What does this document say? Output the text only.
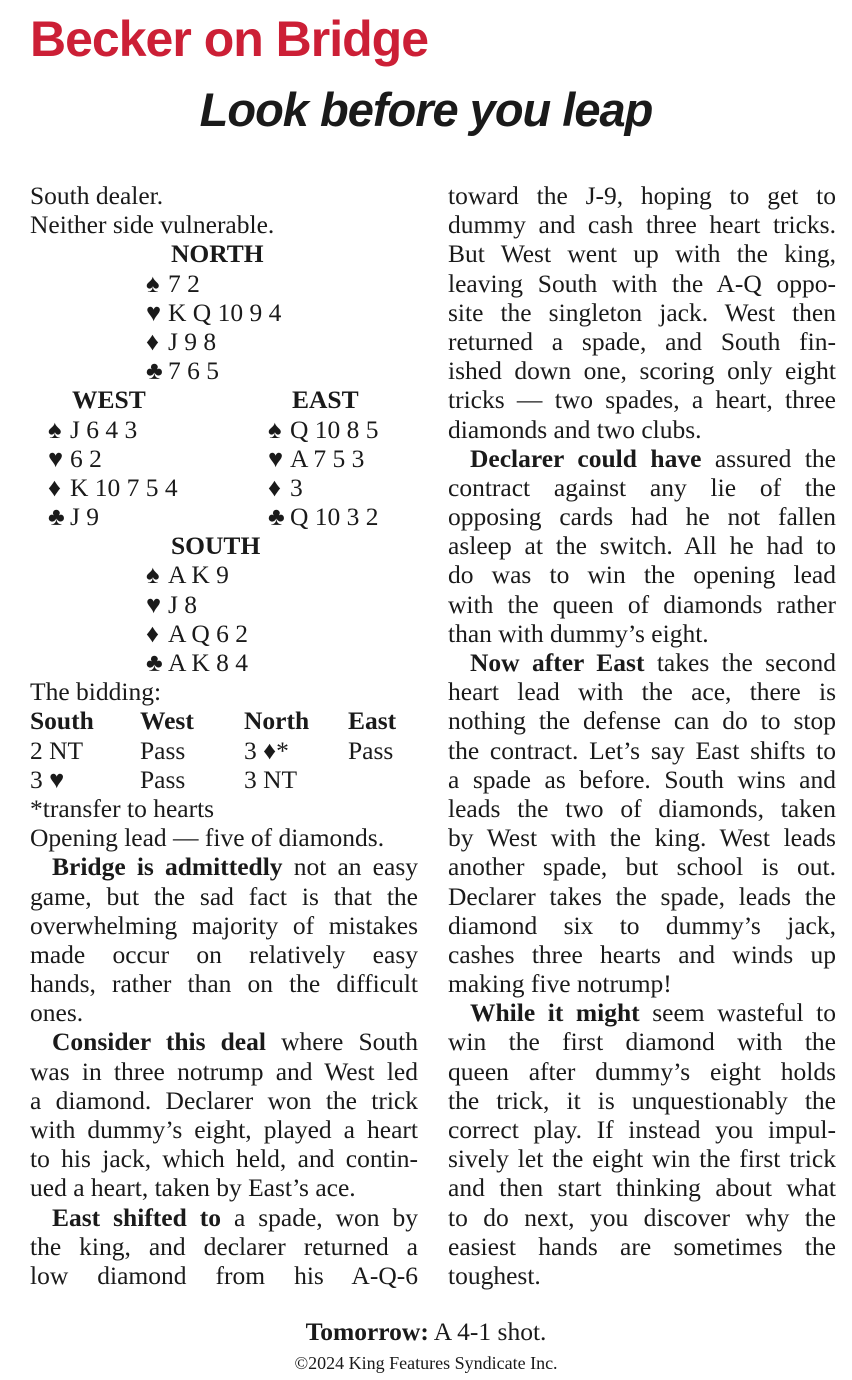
Becker on Bridge
Look before you leap
South dealer.
Neither side vulnerable.
NORTH
♠ 7 2
♥ K Q 10 9 4
♦ J 9 8
♣ 7 6 5
WEST	EAST
♠ J 6 4 3	♠ Q 10 8 5
♥ 6 2	♥ A 7 5 3
♦ K 10 7 5 4	♦ 3
♣ J 9	♣ Q 10 3 2
SOUTH
♠ A K 9
♥ J 8
♦ A Q 6 2
♣ A K 8 4
The bidding:
South	West	North	East
2 NT	Pass	3 ♦*	Pass
3 ♥	Pass	3 NT	
*transfer to hearts
Opening lead — five of diamonds.
Bridge is admittedly not an easy
game, but the sad fact is that the
overwhelming majority of mistakes
made occur on relatively easy
hands, rather than on the difficult
ones.
Consider this deal where South
was in three notrump and West led
a diamond. Declarer won the trick
with dummy’s eight, played a heart
to his jack, which held, and contin-
ued a heart, taken by East’s ace.
East shifted to a spade, won by
the king, and declarer returned a
low diamond from his A-Q-6
toward the J-9, hoping to get to
dummy and cash three heart tricks.
But West went up with the king,
leaving South with the A-Q oppo-
site the singleton jack. West then
returned a spade, and South fin-
ished down one, scoring only eight
tricks — two spades, a heart, three
diamonds and two clubs.
Declarer could have assured the
contract against any lie of the
opposing cards had he not fallen
asleep at the switch. All he had to
do was to win the opening lead
with the queen of diamonds rather
than with dummy’s eight.
Now after East takes the second
heart lead with the ace, there is
nothing the defense can do to stop
the contract. Let’s say East shifts to
a spade as before. South wins and
leads the two of diamonds, taken
by West with the king. West leads
another spade, but school is out.
Declarer takes the spade, leads the
diamond six to dummy’s jack,
cashes three hearts and winds up
making five notrump!
While it might seem wasteful to
win the first diamond with the
queen after dummy’s eight holds
the trick, it is unquestionably the
correct play. If instead you impul-
sively let the eight win the first trick
and then start thinking about what
to do next, you discover why the
easiest hands are sometimes the
toughest.
Tomorrow: A 4-1 shot.
©2024 King Features Syndicate Inc.
